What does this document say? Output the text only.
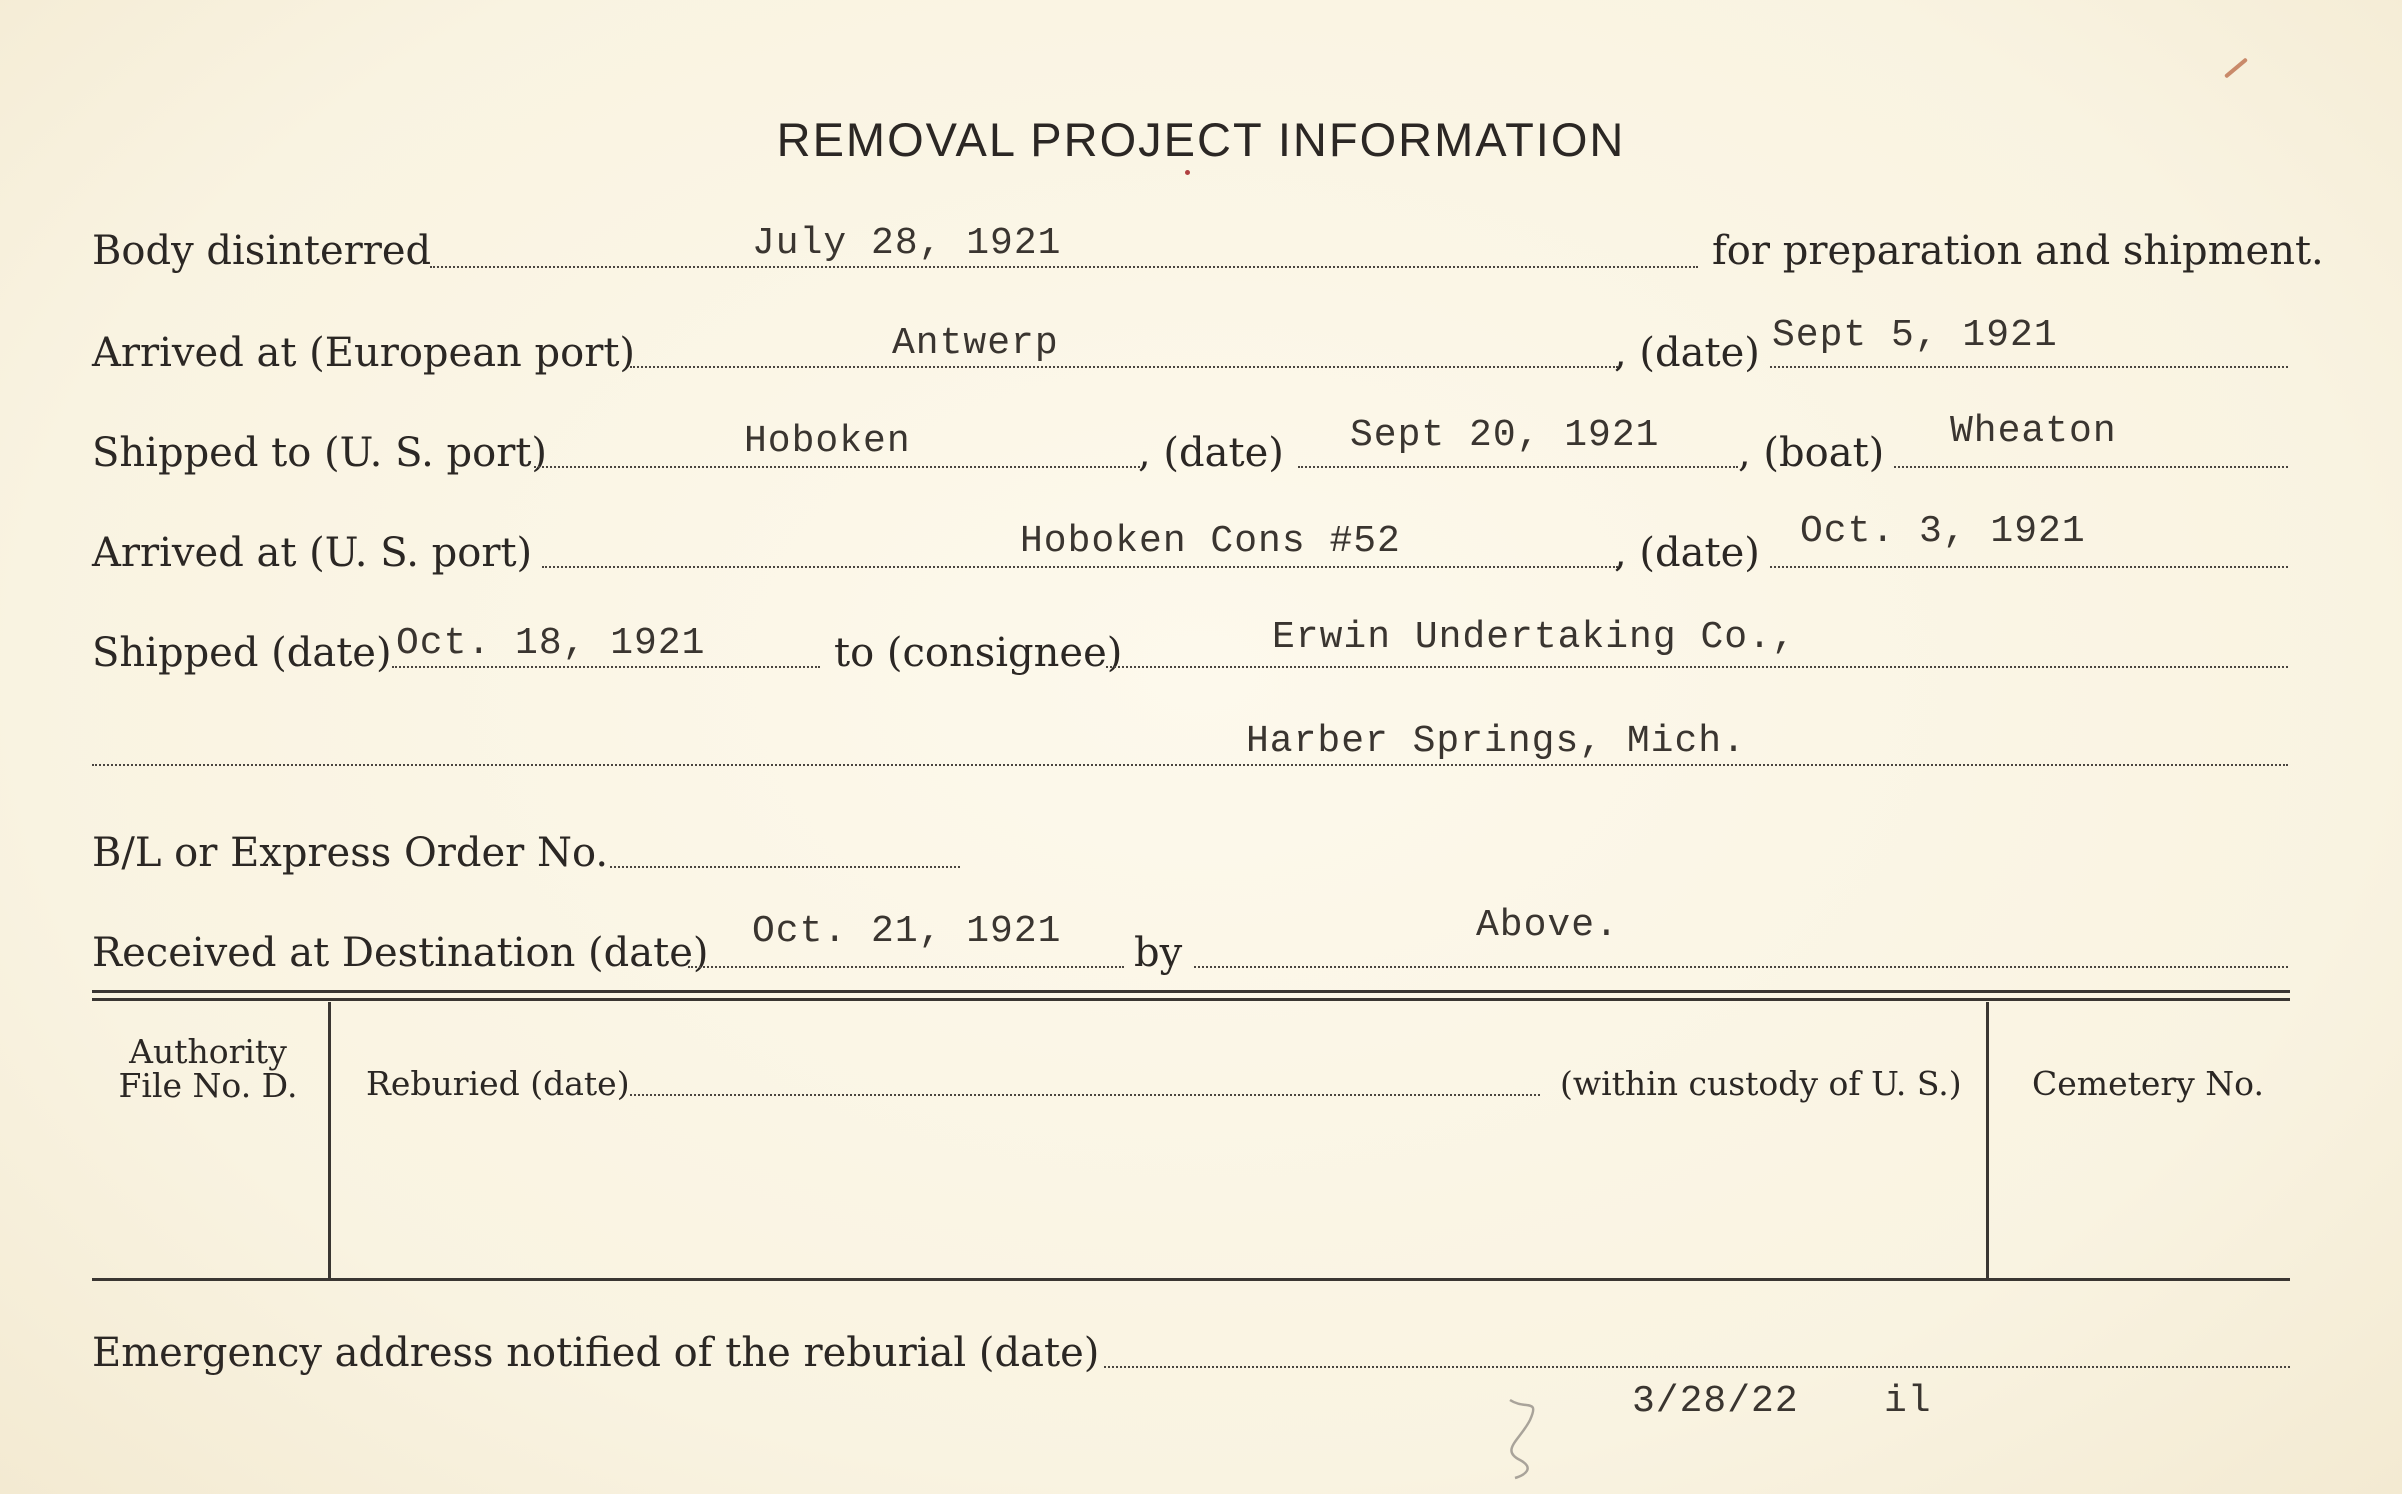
REMOVAL PROJECT INFORMATION
Body disinterred	July 28, 1921	for preparation and shipment.
Arrived at (European port)	Antwerp	, (date) Sept 5, 1921
Shipped to (U. S. port)	Hoboken	, (date) Sept 20, 1921 , (boat) Wheaton
Arrived at (U. S. port)	Hoboken Cons #52	, (date) Oct. 3, 1921
Shipped (date) Oct. 18, 1921	to (consignee)	Erwin Undertaking Co.,
Harber Springs, Mich.
B/L or Express Order No.
Received at Destination (date) Oct. 21, 1921 by
Above.
Authority
File No. D.	Reburied (date)	(within custody of U. S.) Cemetery No.
Emergency address notified of the reburial (date)
3/28/22 il
